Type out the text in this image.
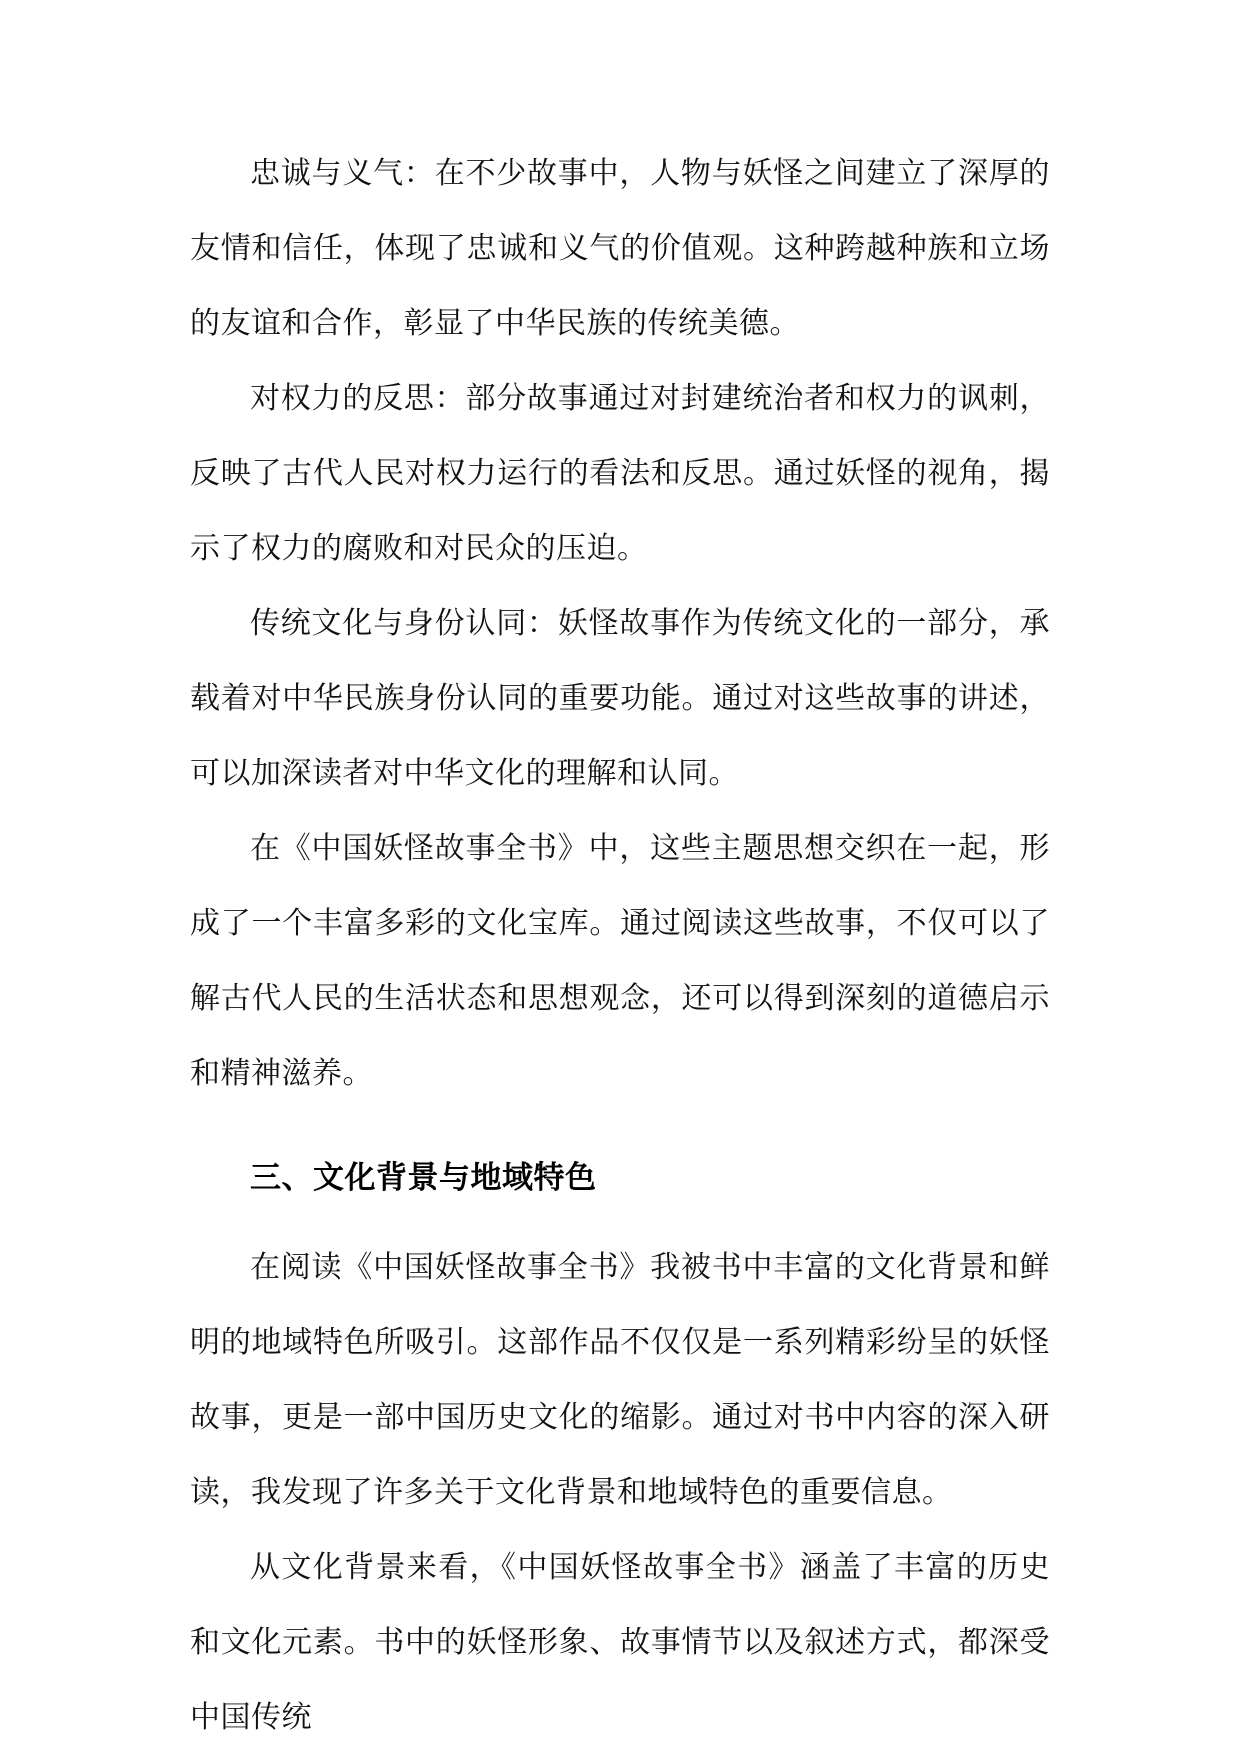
忠诚与义气：在不少故事中，人物与妖怪之间建立了深厚的友情和信任，体现了忠诚和义气的价值观。这种跨越种族和立场的友谊和合作，彰显了中华民族的传统美德。

对权力的反思：部分故事通过对封建统治者和权力的讽刺，反映了古代人民对权力运行的看法和反思。通过妖怪的视角，揭示了权力的腐败和对民众的压迫。

传统文化与身份认同：妖怪故事作为传统文化的一部分，承载着对中华民族身份认同的重要功能。通过对这些故事的讲述，可以加深读者对中华文化的理解和认同。

在《中国妖怪故事全书》中，这些主题思想交织在一起，形成了一个丰富多彩的文化宝库。通过阅读这些故事，不仅可以了解古代人民的生活状态和思想观念，还可以得到深刻的道德启示和精神滋养。

三、文化背景与地域特色

在阅读《中国妖怪故事全书》我被书中丰富的文化背景和鲜明的地域特色所吸引。这部作品不仅仅是一系列精彩纷呈的妖怪故事，更是一部中国历史文化的缩影。通过对书中内容的深入研读，我发现了许多关于文化背景和地域特色的重要信息。

从文化背景来看，《中国妖怪故事全书》涵盖了丰富的历史和文化元素。书中的妖怪形象、故事情节以及叙述方式，都深受中国传统
